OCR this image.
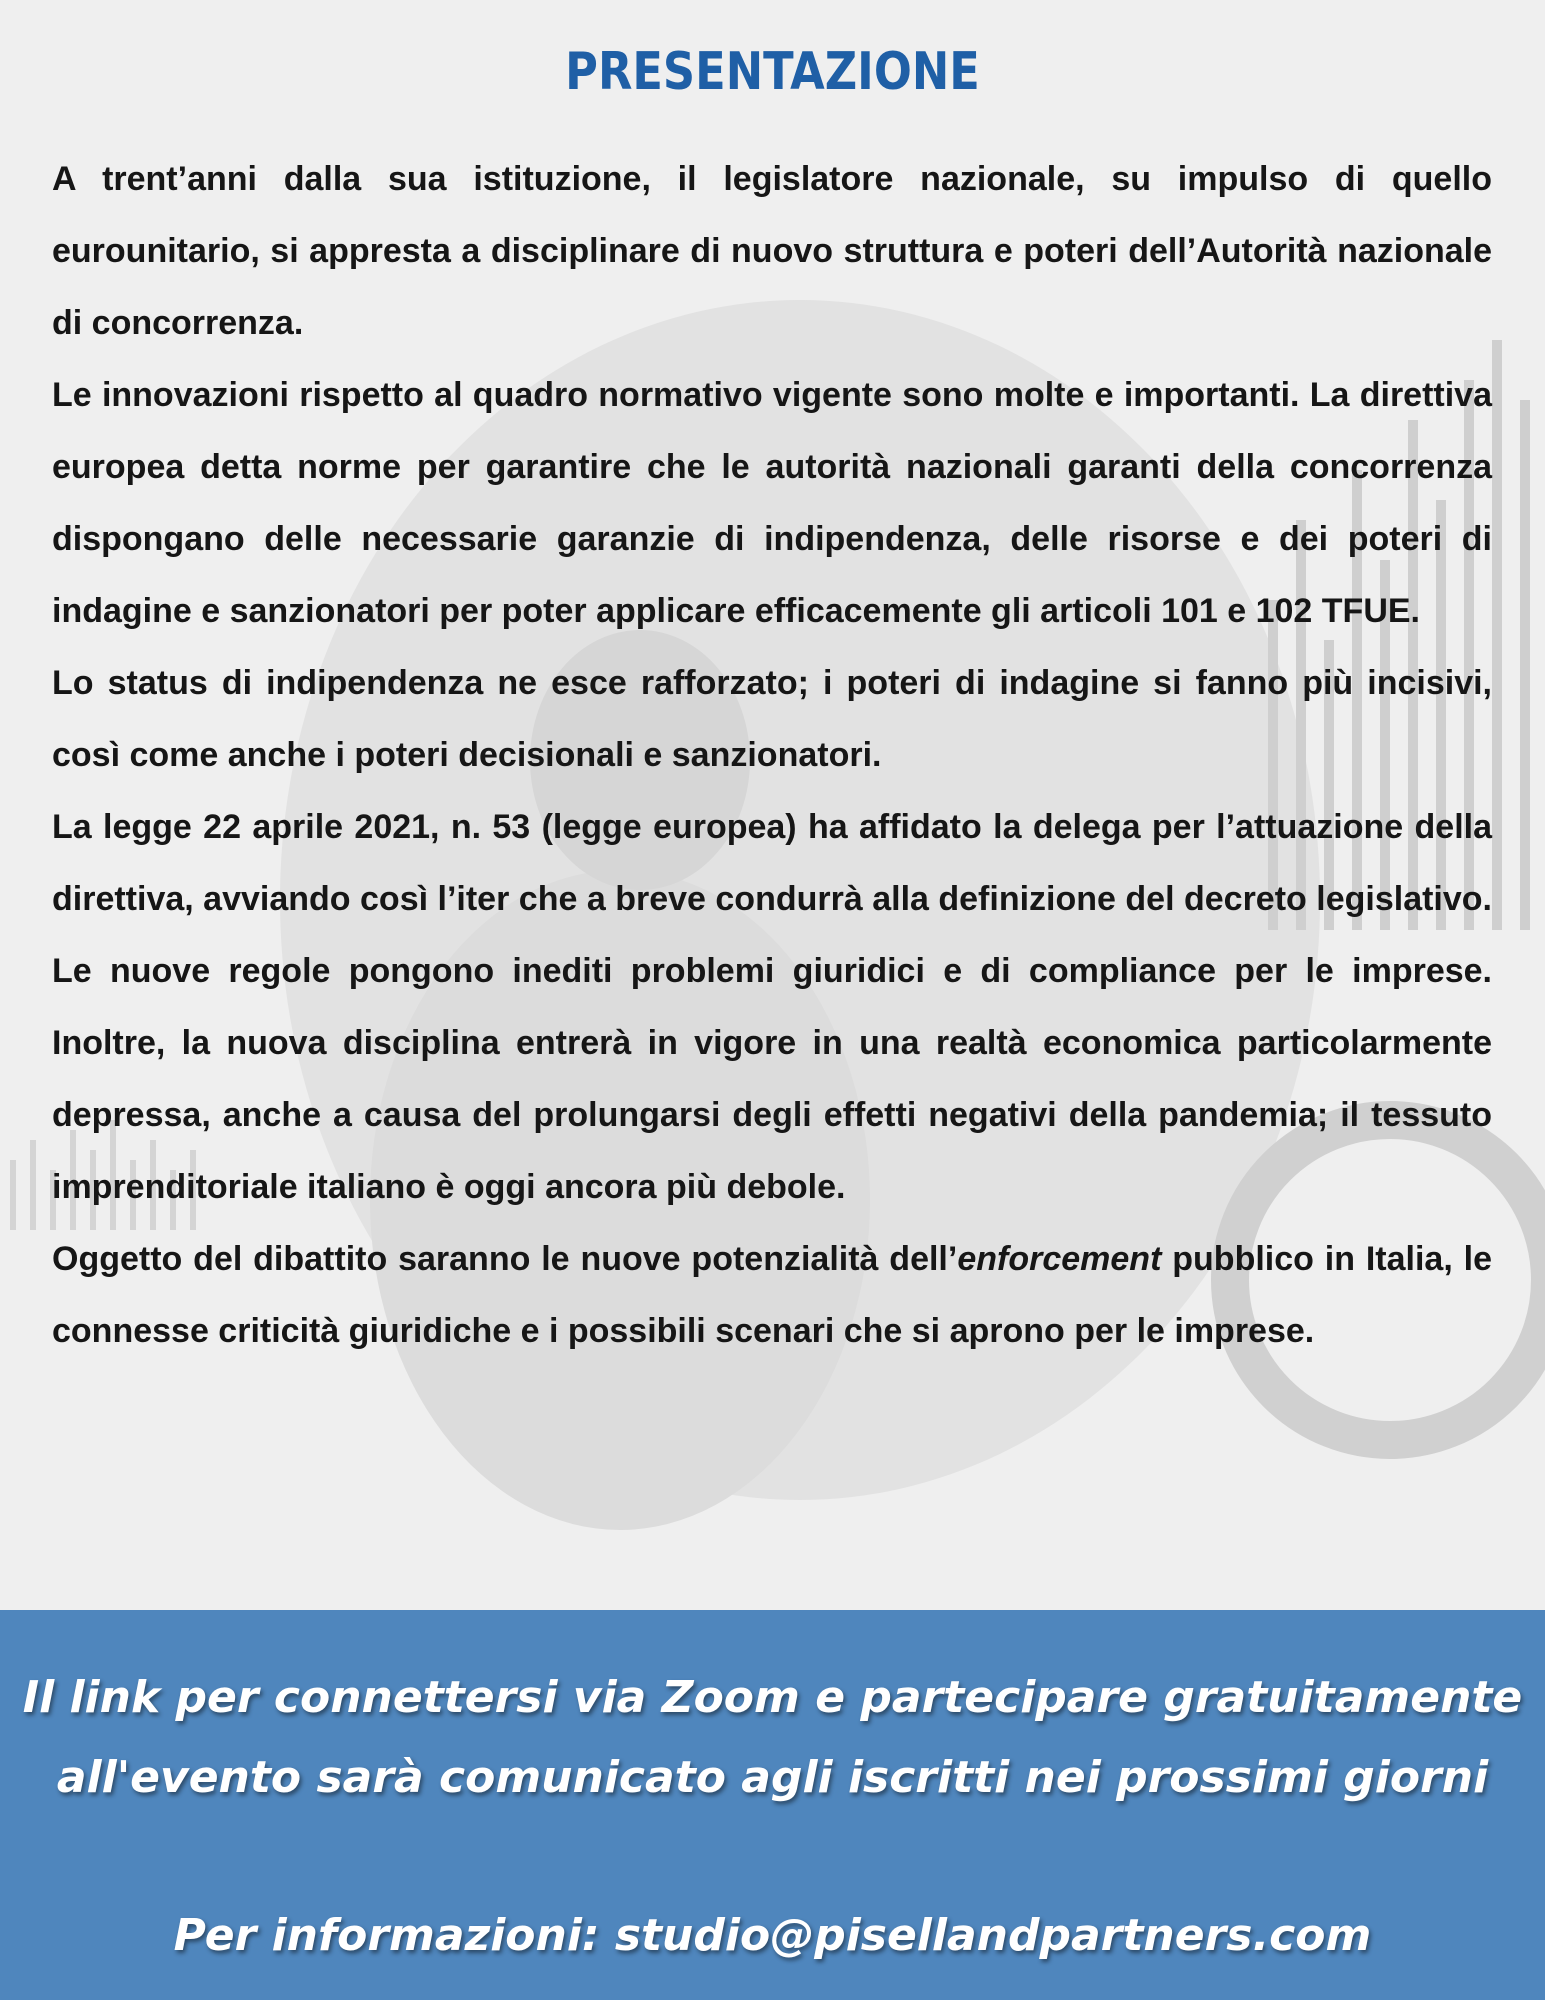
PRESENTAZIONE

A trent’anni dalla sua istituzione, il legislatore nazionale, su impulso di quello eurounitario, si appresta a disciplinare di nuovo struttura e poteri dell’Autorità nazionale di concorrenza.

Le innovazioni rispetto al quadro normativo vigente sono molte e importanti. La direttiva europea detta norme per garantire che le autorità nazionali garanti della concorrenza dispongano delle necessarie garanzie di indipendenza, delle risorse e dei poteri di indagine e sanzionatori per poter applicare efficacemente gli articoli 101 e 102 TFUE.

Lo status di indipendenza ne esce rafforzato; i poteri di indagine si fanno più incisivi, così come anche i poteri decisionali e sanzionatori.

La legge 22 aprile 2021, n. 53 (legge europea) ha affidato la delega per l’attuazione della direttiva, avviando così l’iter che a breve condurrà alla definizione del decreto legislativo. Le nuove regole pongono inediti problemi giuridici e di compliance per le imprese. Inoltre, la nuova disciplina entrerà in vigore in una realtà economica particolarmente depressa, anche a causa del prolungarsi degli effetti negativi della pandemia; il tessuto imprenditoriale italiano è oggi ancora più debole.

Oggetto del dibattito saranno le nuove potenzialità dell’enforcement pubblico in Italia, le connesse criticità giuridiche e i possibili scenari che si aprono per le imprese.

Il link per connettersi via Zoom e partecipare gratuitamente
all'evento sarà comunicato agli iscritti nei prossimi giorni
Per informazioni: studio@pisellandpartners.com
